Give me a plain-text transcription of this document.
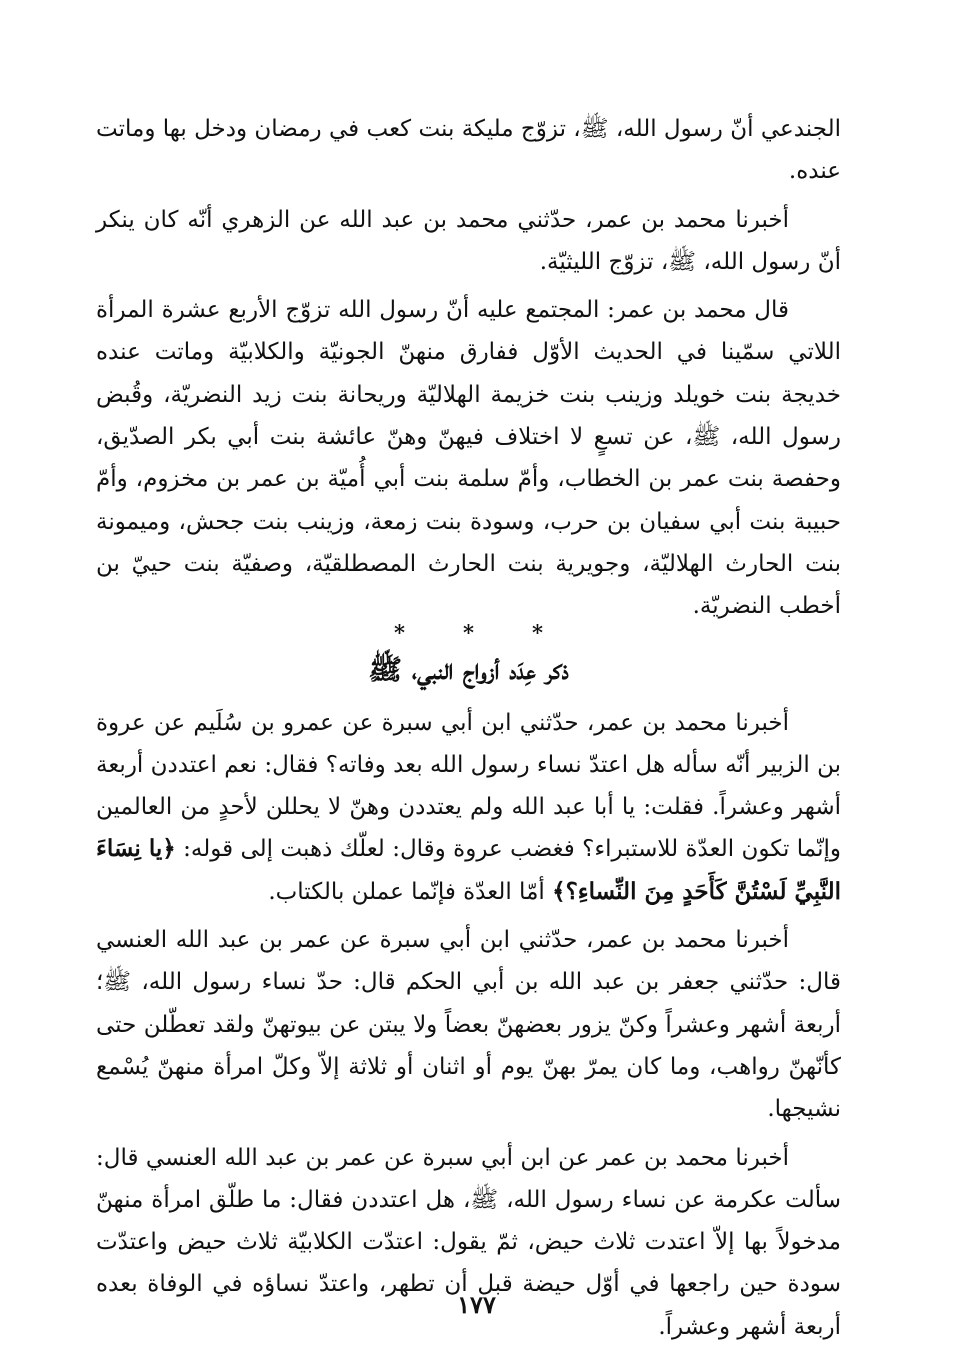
الجندعي أنّ رسول الله، ﷺ، تزوّج مليكة بنت كعب في رمضان ودخل بها وماتت عنده.

أخبرنا محمد بن عمر، حدّثني محمد بن عبد الله عن الزهري أنّه كان ينكر أنّ رسول الله، ﷺ، تزوّج الليثيّة.

قال محمد بن عمر: المجتمع عليه أنّ رسول الله تزوّج الأربع عشرة المرأة اللاتي سمّينا في الحديث الأوّل ففارق منهنّ الجونيّة والكلابيّة وماتت عنده خديجة بنت خويلد وزينب بنت خزيمة الهلاليّة وريحانة بنت زيد النضريّة، وقُبض رسول الله، ﷺ، عن تسعٍ لا اختلاف فيهنّ وهنّ عائشة بنت أبي بكر الصدّيق، وحفصة بنت عمر بن الخطاب، وأمّ سلمة بنت أبي أُميّة بن عمر بن مخزوم، وأمّ حبيبة بنت أبي سفيان بن حرب، وسودة بنت زمعة، وزينب بنت جحش، وميمونة بنت الحارث الهلاليّة، وجويرية بنت الحارث المصطلقيّة، وصفيّة بنت حييّ بن أخطب النضريّة.

*	*	*
ذكر عِدَد أزواج النبي، ﷺ

أخبرنا محمد بن عمر، حدّثني ابن أبي سبرة عن عمرو بن سُلَيم عن عروة بن الزبير أنّه سأله هل اعتدّ نساء رسول الله بعد وفاته؟ فقال: نعم اعتددن أربعة أشهر وعشراً. فقلت: يا أبا عبد الله ولم يعتددن وهنّ لا يحللن لأحدٍ من العالمين وإنّما تكون العدّة للاستبراء؟ فغضب عروة وقال: لعلّك ذهبت إلى قوله: ﴿يا نِسَاءَ النَّبِيِّ لَسْتُنَّ كَأَحَدٍ مِنَ النِّساءِ؟﴾ أمّا العدّة فإنّما عملن بالكتاب.

أخبرنا محمد بن عمر، حدّثني ابن أبي سبرة عن عمر بن عبد الله العنسي قال: حدّثني جعفر بن عبد الله بن أبي الحكم قال: حدّ نساء رسول الله، ﷺ؛ أربعة أشهر وعشراً وكنّ يزور بعضهنّ بعضاً ولا يبتن عن بيوتهنّ ولقد تعطّلن حتى كأنّهنّ رواهب، وما كان يمرّ بهنّ يوم أو اثنان أو ثلاثة إلاّ وكلّ امرأة منهنّ يُسْمع نشيجها.

أخبرنا محمد بن عمر عن ابن أبي سبرة عن عمر بن عبد الله العنسي قال: سألت عكرمة عن نساء رسول الله، ﷺ، هل اعتددن فقال: ما طلّق امرأة منهنّ مدخولاً بها إلاّ اعتدت ثلاث حيض، ثمّ يقول: اعتدّت الكلابيّة ثلاث حيض واعتدّت سودة حين راجعها في أوّل حيضة قبل أن تطهر، واعتدّ نساؤه في الوفاة بعده أربعة أشهر وعشراً.

١٧٧
